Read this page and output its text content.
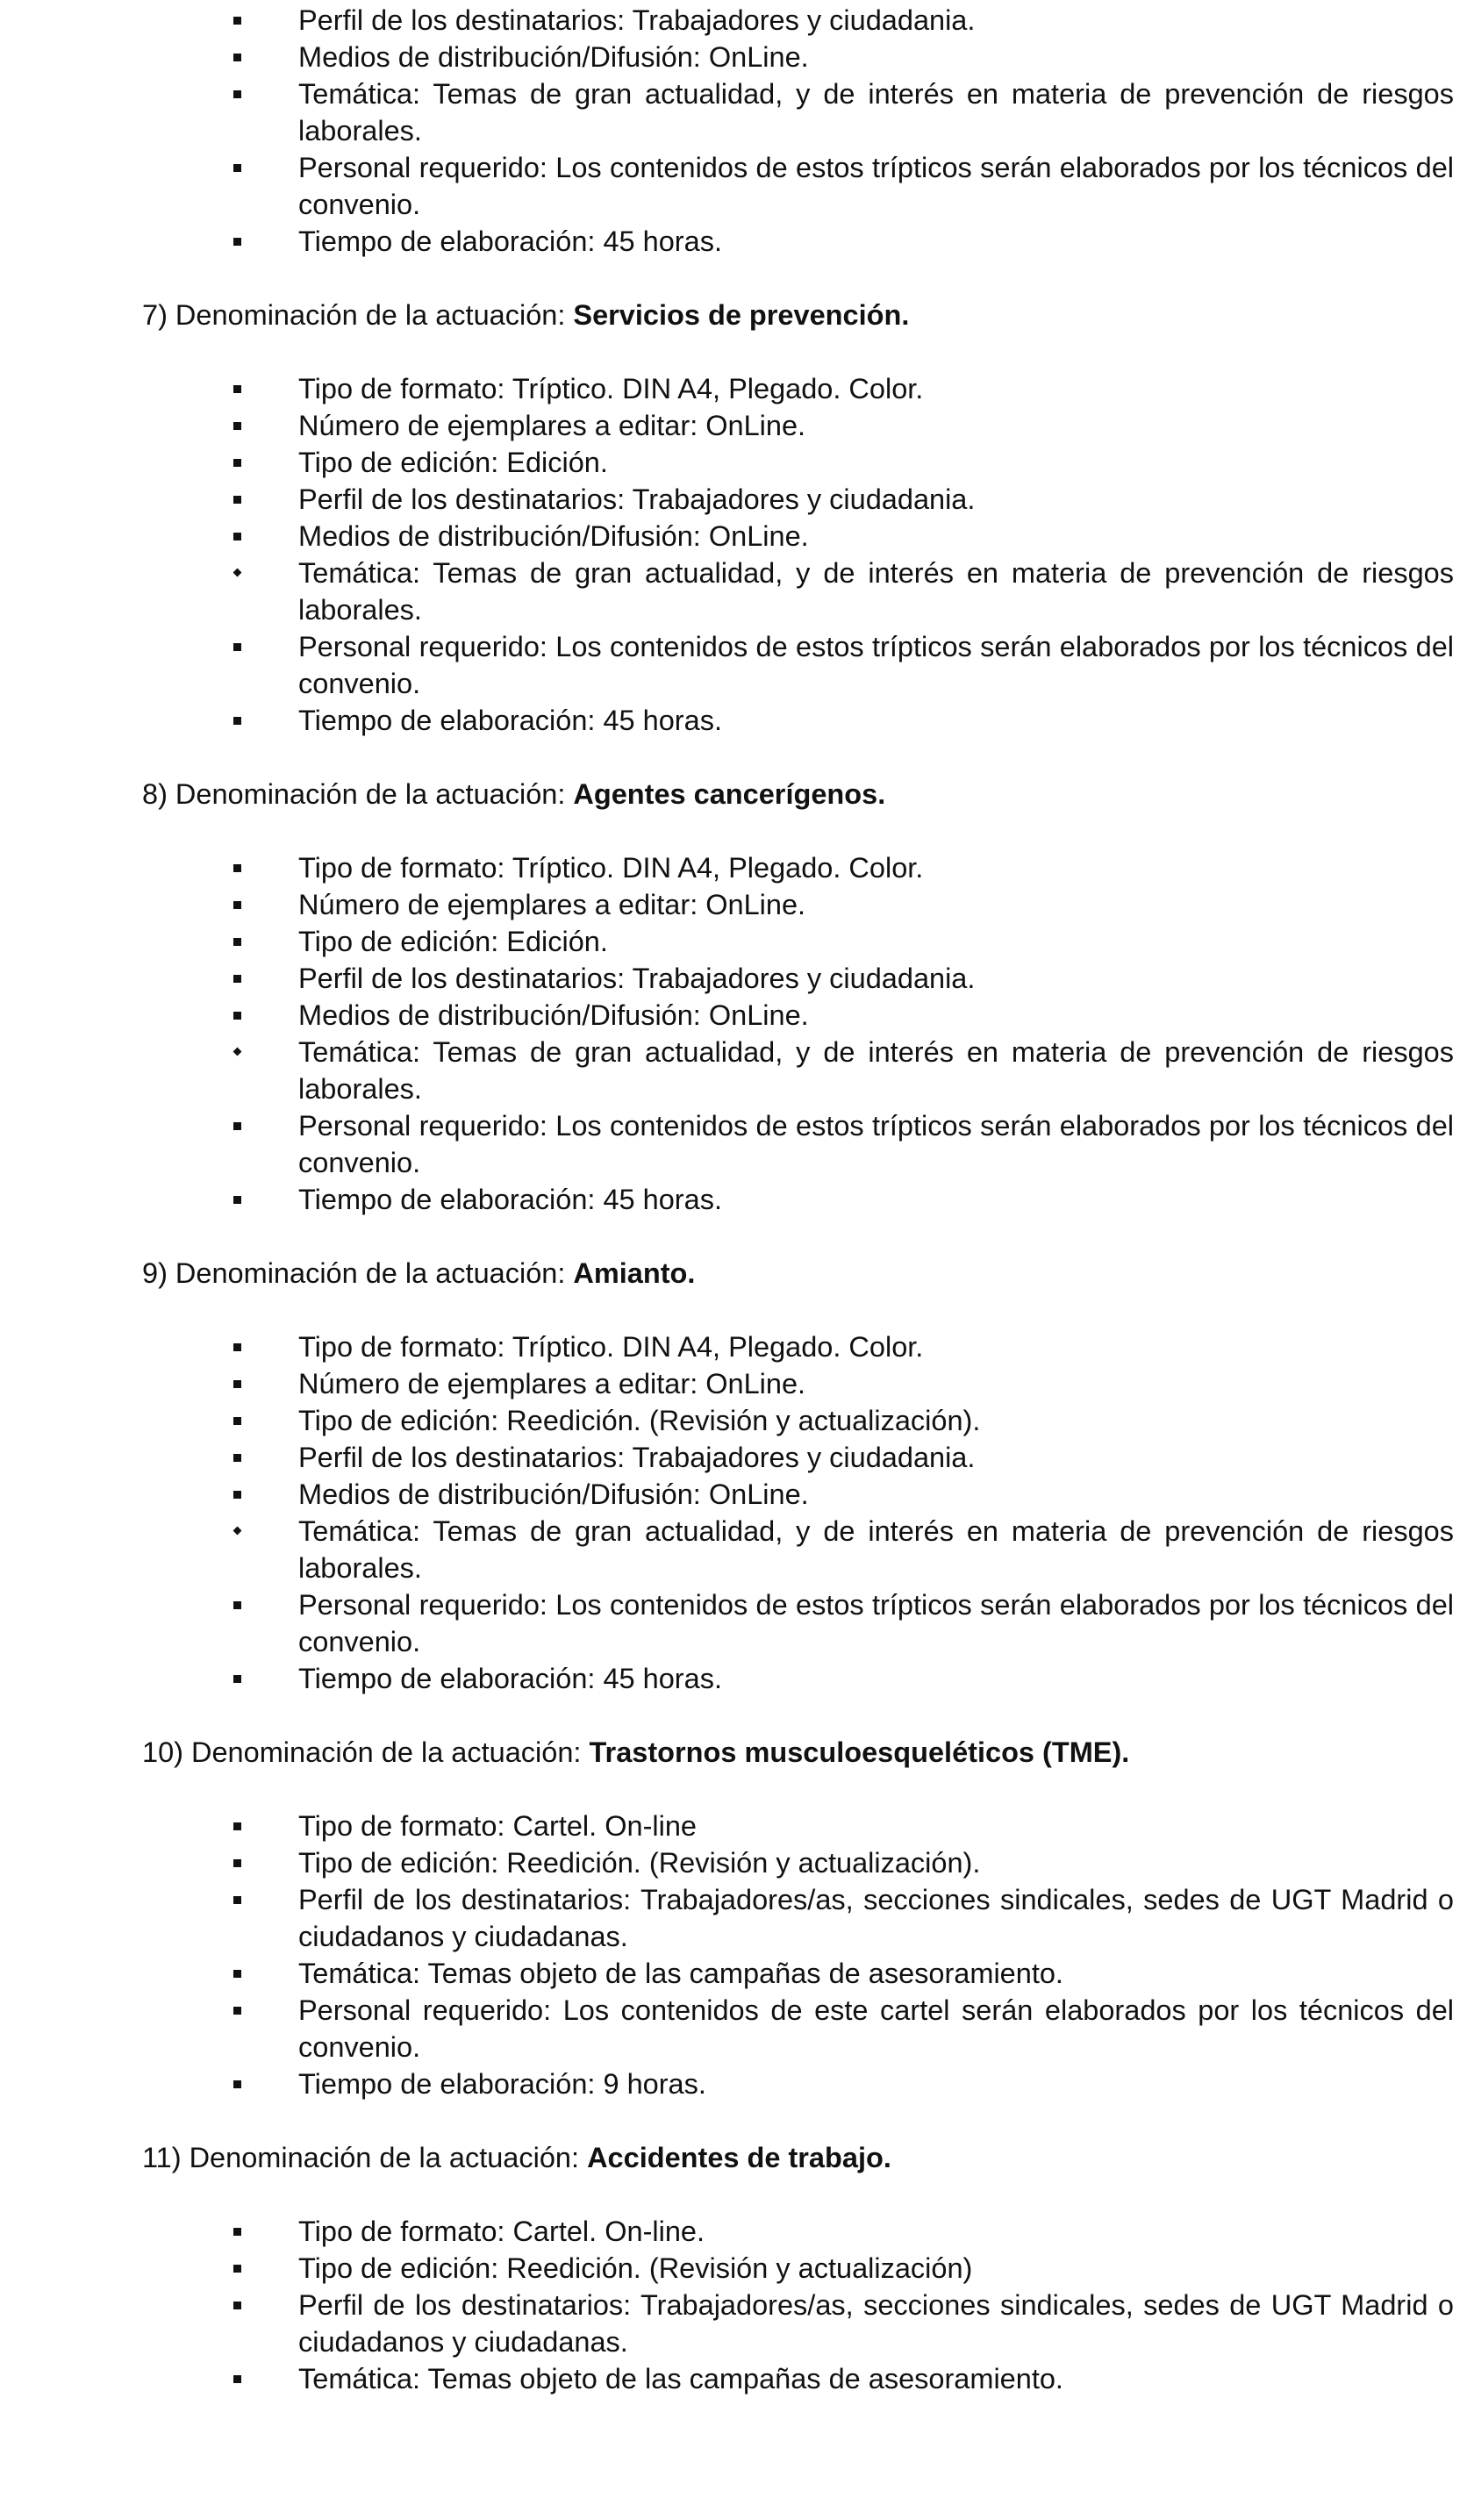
Perfil de los destinatarios: Trabajadores y ciudadania.
Medios de distribución/Difusión: OnLine.
Temática: Temas de gran actualidad, y de interés en materia de prevención de riesgos laborales.
Personal requerido: Los contenidos de estos trípticos serán elaborados por los técnicos del convenio.
Tiempo de elaboración: 45 horas.
7) Denominación de la actuación: Servicios de prevención.
Tipo de formato: Tríptico. DIN A4, Plegado. Color.
Número de ejemplares a editar: OnLine.
Tipo de edición: Edición.
Perfil de los destinatarios: Trabajadores y ciudadania.
Medios de distribución/Difusión: OnLine.
Temática: Temas de gran actualidad, y de interés en materia de prevención de riesgos laborales.
Personal requerido: Los contenidos de estos trípticos serán elaborados por los técnicos del convenio.
Tiempo de elaboración: 45 horas.
8) Denominación de la actuación: Agentes cancerígenos.
Tipo de formato: Tríptico. DIN A4, Plegado. Color.
Número de ejemplares a editar: OnLine.
Tipo de edición: Edición.
Perfil de los destinatarios: Trabajadores y ciudadania.
Medios de distribución/Difusión: OnLine.
Temática: Temas de gran actualidad, y de interés en materia de prevención de riesgos laborales.
Personal requerido: Los contenidos de estos trípticos serán elaborados por los técnicos del convenio.
Tiempo de elaboración: 45 horas.
9) Denominación de la actuación: Amianto.
Tipo de formato: Tríptico. DIN A4, Plegado. Color.
Número de ejemplares a editar: OnLine.
Tipo de edición: Reedición. (Revisión y actualización).
Perfil de los destinatarios: Trabajadores y ciudadania.
Medios de distribución/Difusión: OnLine.
Temática: Temas de gran actualidad, y de interés en materia de prevención de riesgos laborales.
Personal requerido: Los contenidos de estos trípticos serán elaborados por los técnicos del convenio.
Tiempo de elaboración: 45 horas.
10) Denominación de la actuación: Trastornos musculoesqueléticos (TME).
Tipo de formato: Cartel. On-line
Tipo de edición: Reedición. (Revisión y actualización).
Perfil de los destinatarios: Trabajadores/as, secciones sindicales, sedes de UGT Madrid o ciudadanos y ciudadanas.
Temática: Temas objeto de las campañas de asesoramiento.
Personal requerido: Los contenidos de este cartel serán elaborados por los técnicos del convenio.
Tiempo de elaboración: 9 horas.
11) Denominación de la actuación: Accidentes de trabajo.
Tipo de formato: Cartel. On-line.
Tipo de edición: Reedición. (Revisión y actualización)
Perfil de los destinatarios: Trabajadores/as, secciones sindicales, sedes de UGT Madrid o ciudadanos y ciudadanas.
Temática: Temas objeto de las campañas de asesoramiento.
